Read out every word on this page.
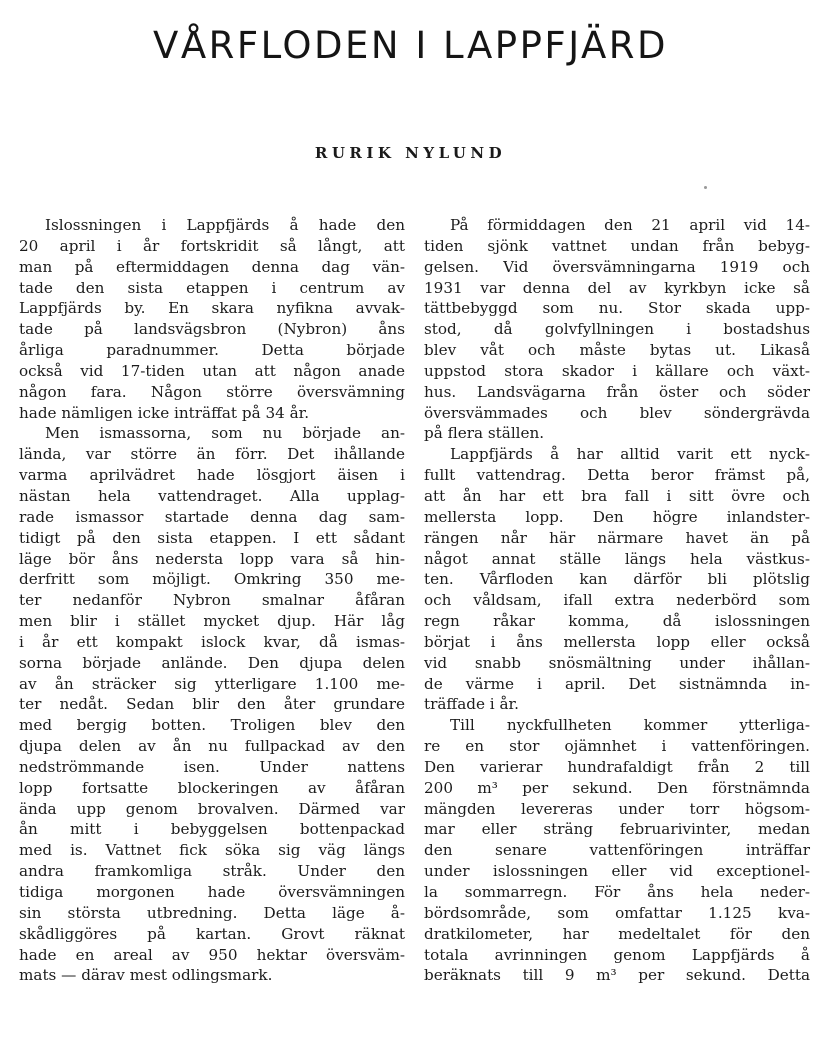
VÅRFLODEN I LAPPFJÄRD
RURIK NYLUND
Islossningen i Lappfjärds å hade den
20 april i år fortskridit så långt, att
man på eftermiddagen denna dag vän-
tade den sista etappen i centrum av
Lappfjärds by. En skara nyfikna avvak-
tade på landsvägsbron (Nybron) åns
årliga paradnummer. Detta började
också vid 17-tiden utan att någon anade
någon fara. Någon större översvämning
hade nämligen icke inträffat på 34 år.
Men ismassorna, som nu började an-
lända, var större än förr. Det ihållande
varma aprilvädret hade lösgjort äisen i
nästan hela vattendraget. Alla upplag-
rade ismassor startade denna dag sam-
tidigt på den sista etappen. I ett sådant
läge bör åns nedersta lopp vara så hin-
derfritt som möjligt. Omkring 350 me-
ter nedanför Nybron smalnar åfåran
men blir i stället mycket djup. Här låg
i år ett kompakt islock kvar, då ismas-
sorna började anlände. Den djupa delen
av ån sträcker sig ytterligare 1.100 me-
ter nedåt. Sedan blir den åter grundare
med bergig botten. Troligen blev den
djupa delen av ån nu fullpackad av den
nedströmmande isen. Under nattens
lopp fortsatte blockeringen av åfåran
ända upp genom brovalven. Därmed var
ån mitt i bebyggelsen bottenpackad
med is. Vattnet fick söka sig väg längs
andra framkomliga stråk. Under den
tidiga morgonen hade översvämningen
sin största utbredning. Detta läge å-
skådliggöres på kartan. Grovt räknat
hade en areal av 950 hektar översväm-
mats — därav mest odlingsmark.
På förmiddagen den 21 april vid 14-
tiden sjönk vattnet undan från bebyg-
gelsen. Vid översvämningarna 1919 och
1931 var denna del av kyrkbyn icke så
tättbebyggd som nu. Stor skada upp-
stod, då golvfyllningen i bostadshus
blev våt och måste bytas ut. Likaså
uppstod stora skador i källare och växt-
hus. Landsvägarna från öster och söder
översvämmades och blev söndergrävda
på flera ställen.
Lappfjärds å har alltid varit ett nyck-
fullt vattendrag. Detta beror främst på,
att ån har ett bra fall i sitt övre och
mellersta lopp. Den högre inlandster-
rängen når här närmare havet än på
något annat ställe längs hela västkus-
ten. Vårfloden kan därför bli plötslig
och våldsam, ifall extra nederbörd som
regn råkar komma, då islossningen
börjat i åns mellersta lopp eller också
vid snabb snösmältning under ihållan-
de värme i april. Det sistnämnda in-
träffade i år.
Till nyckfullheten kommer ytterliga-
re en stor ojämnhet i vattenföringen.
Den varierar hundrafaldigt från 2 till
200 m³ per sekund. Den förstnämnda
mängden levereras under torr högsom-
mar eller sträng februarivinter, medan
den senare vattenföringen inträffar
under islossningen eller vid exceptionel-
la sommarregn. För åns hela neder-
bördsområde, som omfattar 1.125 kva-
dratkilometer, har medeltalet för den
totala avrinningen genom Lappfjärds å
beräknats till 9 m³ per sekund. Detta
